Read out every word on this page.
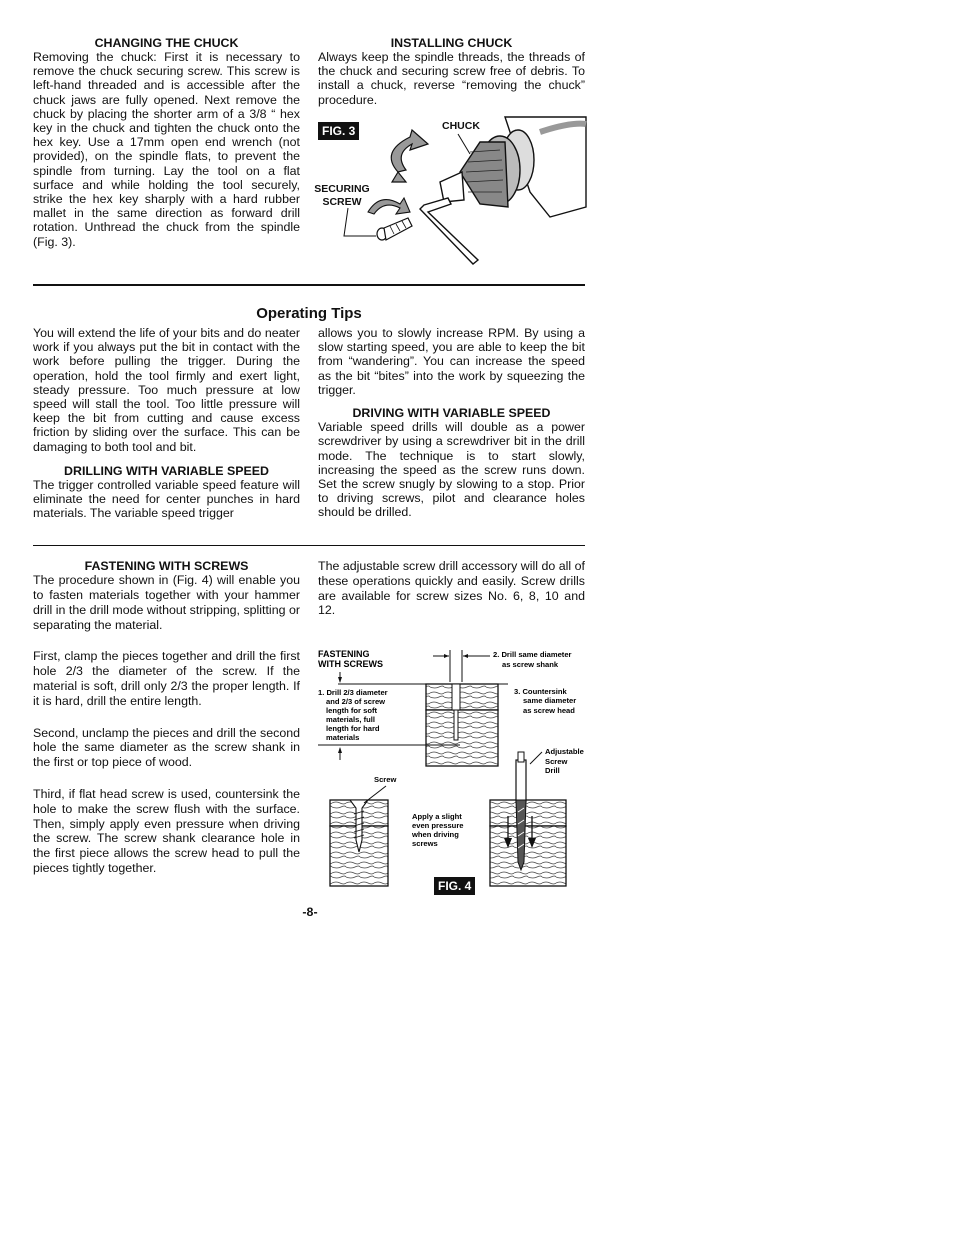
CHANGING THE CHUCK

Removing the chuck: First it is necessary to remove the chuck securing screw. This screw is left-hand threaded and is accessible after the chuck jaws are fully opened. Next remove the chuck by placing the shorter arm of a 3/8 “ hex key in the chuck and tighten the chuck onto the hex key. Use a 17mm open end wrench (not provided), on the spindle flats, to prevent the spindle from turning. Lay the tool on a flat surface and while holding the tool securely, strike the hex key sharply with a hard rubber mallet in the same direction as forward drill rotation. Unthread the chuck from the spindle (Fig. 3).

INSTALLING CHUCK

Always keep the spindle threads, the threads of the chuck and securing screw free of debris. To install a chuck, reverse “removing the chuck” procedure.

FIG. 3	CHUCK
SECURING
SCREW
Operating Tips

You will extend the life of your bits and do neater work if you always put the bit in contact with the work before pulling the trigger. During the operation, hold the tool firmly and exert light, steady pressure. Too much pressure at low speed will stall the tool. Too little pressure will keep the bit from cutting and cause excess friction by sliding over the surface. This can be damaging to both tool and bit.

DRILLING WITH VARIABLE SPEED

The trigger controlled variable speed feature will eliminate the need for center punches in hard materials. The variable speed trigger

allows you to slowly increase RPM. By using a slow starting speed, you are able to keep the bit from “wandering”. You can increase the speed as the bit “bites” into the work by squeezing the trigger.

DRIVING WITH VARIABLE SPEED

Variable speed drills will double as a power screwdriver by using a screwdriver bit in the drill mode. The technique is to start slowly, increasing the speed as the screw runs down. Set the screw snugly by slowing to a stop. Prior to driving screws, pilot and clearance holes should be drilled.

FASTENING WITH SCREWS

The procedure shown in (Fig. 4) will enable you to fasten materials together with your hammer drill in the drill mode without stripping, splitting or separating the material.

First, clamp the pieces together and drill the first hole 2/3 the diameter of the screw. If the material is soft, drill only 2/3 the proper length. If it is hard, drill the entire length.

Second, unclamp the pieces and drill the second hole the same diameter as the screw shank in the first or top piece of wood.

Third, if flat head screw is used, countersink the hole to make the screw flush with the surface. Then, simply apply even pressure when driving the screw. The screw shank clearance hole in the first piece allows the screw head to pull the pieces tightly together.

The adjustable screw drill accessory will do all of these operations quickly and easily. Screw drills are available for screw sizes No. 6, 8, 10 and 12.

FASTENING
WITH SCREWS
1. Drill 2/3 diameter
and 2/3 of screw
length for soft
materials, full
length for hard
materials
2. Drill same diameter
as screw shank
3. Countersink
same diameter
as screw head
Screw
Apply a slight
even pressure
when driving
screws
Adjustable
Screw
Drill
FIG. 4
-8-
